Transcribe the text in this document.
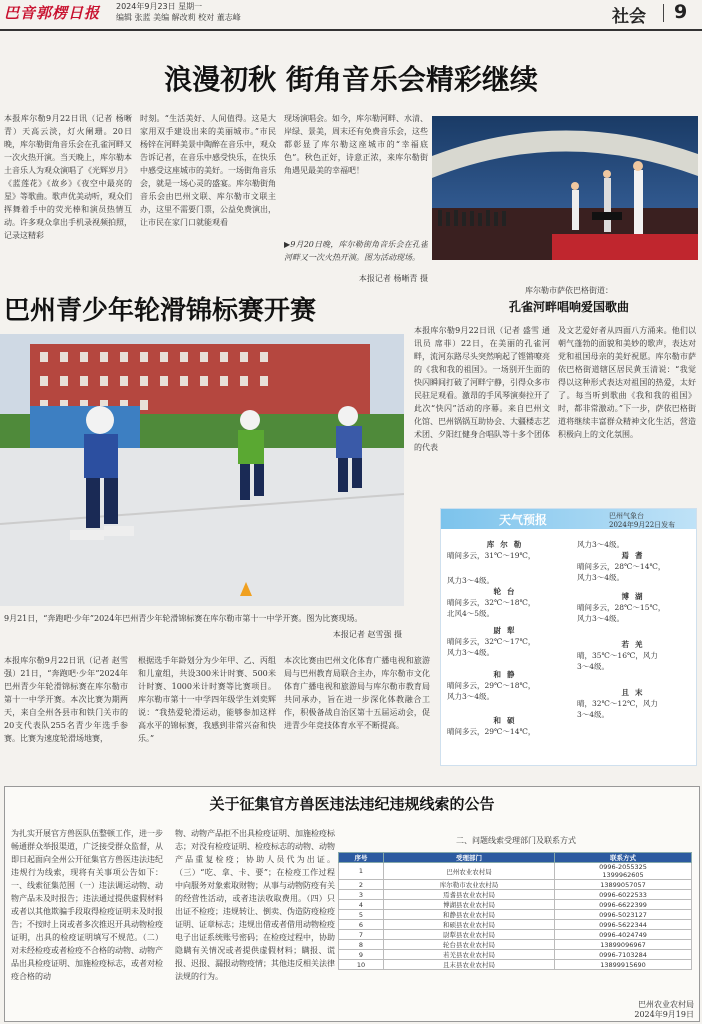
巴音郭楞日报 2024年9月23日 星期一
编辑 张蓝 美编 解改莉 校对 董志峰	社会 9
浪漫初秋 街角音乐会精彩继续
本报库尔勒9月22日讯（记者 杨晰青）天高云淡，灯火阑珊。20日晚，库尔勒街角音乐会在孔雀河畔又一次火热开演。当天晚上，库尔勒本土音乐人为观众演唱了《光辉岁月》《蓝莲花》《故乡》《夜空中最亮的星》等歌曲。歌声优美动听，观众们挥舞着手中的荧光棒和演员热情互动。许多观众拿出手机录视频拍照，记录这精彩
时刻。“生活美好、人间值得。这是大家用双手建设出来的美丽城市。”市民杨锌在河畔美景中陶醉在音乐中，观众告诉记者，在音乐中感受快乐，在快乐中感受这座城市的美好。一场街角音乐会，就是一场心灵的盛宴。库尔勒街角音乐会由巴州文联、库尔勒市文联主办，这里不需要门票，公益免费演出，让市民在家门口就能观看
现场演唱会。如今，库尔勒河畔、水清、岸绿、景美，周末还有免费音乐会，这些都彰显了库尔勒这座城市的“幸福底色”。秋色正好，诗意正浓，来库尔勒街角遇见最美的幸福吧！
▶9月20日晚，库尔勒街角音乐会在孔雀河畔又一次火热开演。图为活动现场。
本报记者 杨晰青 摄
巴州青少年轮滑锦标赛开赛
9月21日，“奔跑吧·少年”2024年巴州青少年轮滑锦标赛在库尔勒市第十一中学开赛。图为比赛现场。
本报记者 赵雪强 摄
本报库尔勒9月22日讯（记者 赵雪强）21日，“奔跑吧·少年”2024年巴州青少年轮滑锦标赛在库尔勒市第十一中学开赛。本次比赛为期两天，来自全州各县市和铁门关市的20支代表队255名青少年选手参赛。比赛为速度轮滑场地赛，
根据选手年龄划分为少年甲、乙、丙组和儿童组，共设300米计时赛、500米计时赛、1000米计时赛等比赛项目。库尔勒市第十一中学四年级学生刘奕辉说：“我热爱轮滑运动，能够参加这样高水平的锦标赛，我感到非常兴奋和快乐。”
本次比赛由巴州文化体育广播电视和旅游局与巴州教育局联合主办，库尔勒市文化体育广播电视和旅游局与库尔勒市教育局共同承办，旨在进一步深化体教融合工作，积极备战自治区第十五届运动会，促进青少年竞技体育水平不断提高。
库尔勒市萨依巴格街道：
孔雀河畔唱响爱国歌曲
本报库尔勒9月22日讯（记者 盛雪 通讯员 席菲）22日，在美丽的孔雀河畔，流河东路尽头突然响起了铿锵嘹亮的《我和我的祖国》。一场别开生面的快闪瞬间打破了河畔宁静，引得众多市民驻足观看。激昂的手风琴演奏拉开了此次“快闪”活动的序幕。来自巴州文化馆、巴州锅锅互助协会、大疆楼志艺术团、夕阳红健身合唱队等十多个团体的代表
及文艺爱好者从四面八方涌来。他们以朝气蓬勃的面貌和美妙的歌声，表达对党和祖国母亲的美好祝愿。库尔勒市萨依巴格街道辖区居民黄玉清说：“我觉得以这种形式表达对祖国的热爱，太好了。每当听到歌曲《我和我的祖国》时，都非常激动。”下一步，萨依巴格街道将继续丰富群众精神文化生活，营造积极向上的文化氛围。
天气预报	巴州气象台
2024年9月22日发布
库尔勒
晴间多云，31℃～19℃，
风力3～4级。
轮台
晴间多云，32℃～18℃，
北风4～5级。
尉犁
晴间多云，32℃～17℃，
风力3～4级。
和静
晴间多云，29℃～18℃，
风力3～4级。
和硕
晴间多云，29℃～14℃，
风力3～4级。
焉耆
晴间多云，28℃～14℃，
风力3～4级。
博湖
晴间多云，28℃～15℃，
风力3～4级。
若羌
晴，35℃～16℃，风力
3～4级。
且末
晴，32℃～12℃，风力
3～4级。
关于征集官方兽医违法违纪违规线索的公告
为扎实开展官方兽医队伍整顿工作，进一步畅通群众举报渠道，广泛接受群众监督，从即日起面向全州公开征集官方兽医违法违纪违规行为线索，现将有关事项公告如下：一、线索征集范围（一）违法调运动物、动物产品未及时报告；违法通过提供虚假材料或者以其他欺骗手段取得检疫证明未及时报告；不按时上岗或者多次推迟开具动物检疫证明，出具的检疫证明填写不规范。（二）对未经检疫或者检疫不合格的动物、动物产品出具检疫证明、加施检疫标志，或者对检疫合格的动
物、动物产品拒不出具检疫证明、加施检疫标志；对没有检疫证明、检疫标志的动物、动物产品重复检疫；协助人员代为出证。（三）“吃、拿、卡、要”；在检疫工作过程中向服务对象索取财物；从事与动物防疫有关的经营性活动，或者违法收取费用。（四）只出证不检疫；违规转让、倒卖、伪造防疫检疫证明、证章标志；违规出借或者借用动物检疫电子出证系统账号密码；在检疫过程中，协助隐瞒有关情况或者提供虚假材料；瞒报、谎报、迟报、漏报动物疫情；其他违反相关法律法规的行为。
二、问题线索受理部门及联系方式
序号	受理部门	联系方式
1	巴州农业农村局	0996-2055325
1399962605
2	库尔勒市农业农村局	13899057057
3	焉耆县农业农村局	0996-6022533
4	博湖县农业农村局	0996-6622399
5	和静县农业农村局	0996-5023127
6	和硕县农业农村局	0996-5622344
7	尉犁县农业农村局	0996-4024749
8	轮台县农业农村局	13899096967
9	若羌县农业农村局	0996-7103284
10	且末县农业农村局	13899915690
巴州农业农村局
2024年9月19日
